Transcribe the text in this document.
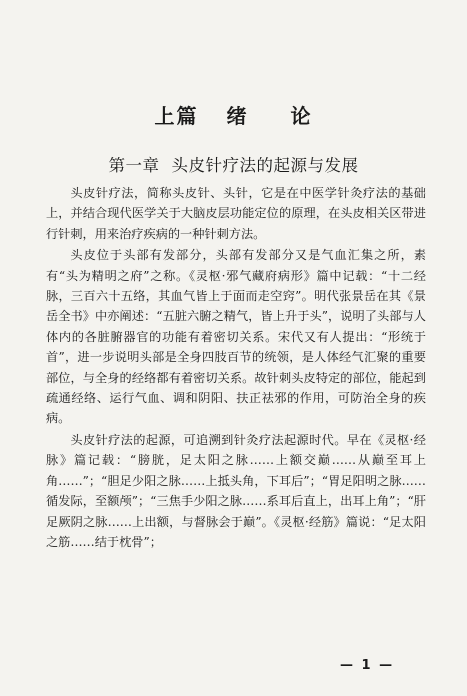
上篇 绪 论
第一章 头皮针疗法的起源与发展

头皮针疗法，简称头皮针、头针，它是在中医学针灸疗法的基础上，并结合现代医学关于大脑皮层功能定位的原理，在头皮相关区带进行针刺，用来治疗疾病的一种针刺方法。

头皮位于头部有发部分，头部有发部分又是气血汇集之所，素有“头为精明之府”之称。《灵枢·邪气藏府病形》篇中记载：“十二经脉，三百六十五络，其血气皆上于面而走空窍”。明代张景岳在其《景岳全书》中亦阐述：“五脏六腑之精气，皆上升于头”，说明了头部与人体内的各脏腑器官的功能有着密切关系。宋代又有人提出：“形统于首”，进一步说明头部是全身四肢百节的统领，是人体经气汇聚的重要部位，与全身的经络都有着密切关系。故针刺头皮特定的部位，能起到疏通经络、运行气血、调和阴阳、扶正祛邪的作用，可防治全身的疾病。

头皮针疗法的起源，可追溯到针灸疗法起源时代。早在《灵枢·经脉》篇记载：“膀胱，足太阳之脉……上额交巅……从巅至耳上角……”；“胆足少阳之脉……上抵头角，下耳后”；“胃足阳明之脉……循发际，至额颅”；“三焦手少阳之脉……系耳后直上，出耳上角”；“肝足厥阴之脉……上出额，与督脉会于巅”。《灵枢·经筋》篇说：“足太阳之筋……结于枕骨”；

— 1 —
